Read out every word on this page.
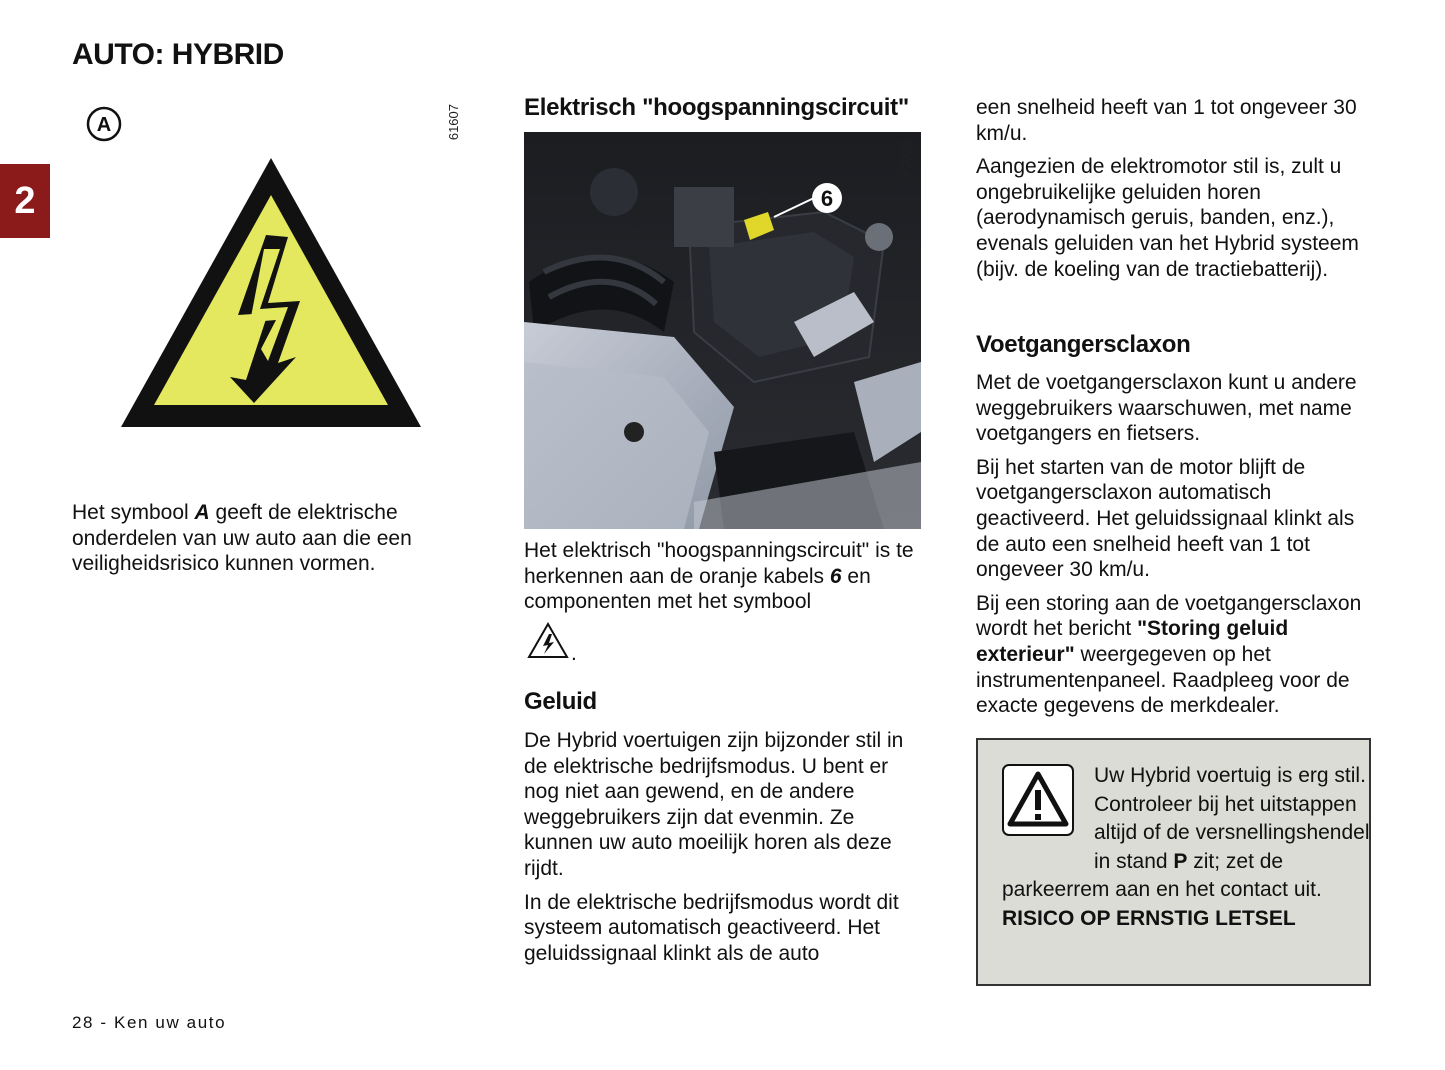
AUTO: HYBRID
2
A	61607
Het symbool A geeft de elektrische onderdelen van uw auto aan die een veiligheidsrisico kunnen vormen.
Elektrisch "hoogspanningscircuit"
6
62016
Het elektrisch "hoogspanningscircuit" is te herkennen aan de oranje kabels 6 en componenten met het symbool
.
Geluid

De Hybrid voertuigen zijn bijzonder stil in de elektrische bedrijfsmodus. U bent er nog niet aan gewend, en de andere weggebruikers zijn dat evenmin. Ze kunnen uw auto moeilijk horen als deze rijdt.

In de elektrische bedrijfsmodus wordt dit systeem automatisch geactiveerd. Het geluidssignaal klinkt als de auto

een snelheid heeft van 1 tot ongeveer 30 km/u.

Aangezien de elektromotor stil is, zult u ongebruikelijke geluiden horen (aerodynamisch geruis, banden, enz.), evenals geluiden van het Hybrid systeem (bijv. de koeling van de tractiebatterij).

Voetgangersclaxon

Met de voetgangersclaxon kunt u andere weggebruikers waarschuwen, met name voetgangers en fietsers.

Bij het starten van de motor blijft de voetgangersclaxon automatisch geactiveerd. Het geluidssignaal klinkt als de auto een snelheid heeft van 1 tot ongeveer 30 km/u.

Bij een storing aan de voetgangersclaxon wordt het bericht "Storing geluid exterieur" weergegeven op het instrumentenpaneel. Raadpleeg voor de exacte gegevens de merkdealer.

Uw Hybrid voertuig is erg stil. Controleer bij het uitstappen altijd of de versnellingshendel in stand P zit; zet de parkeerrem aan en het contact uit.
RISICO OP ERNSTIG LETSEL
28 - Ken uw auto
